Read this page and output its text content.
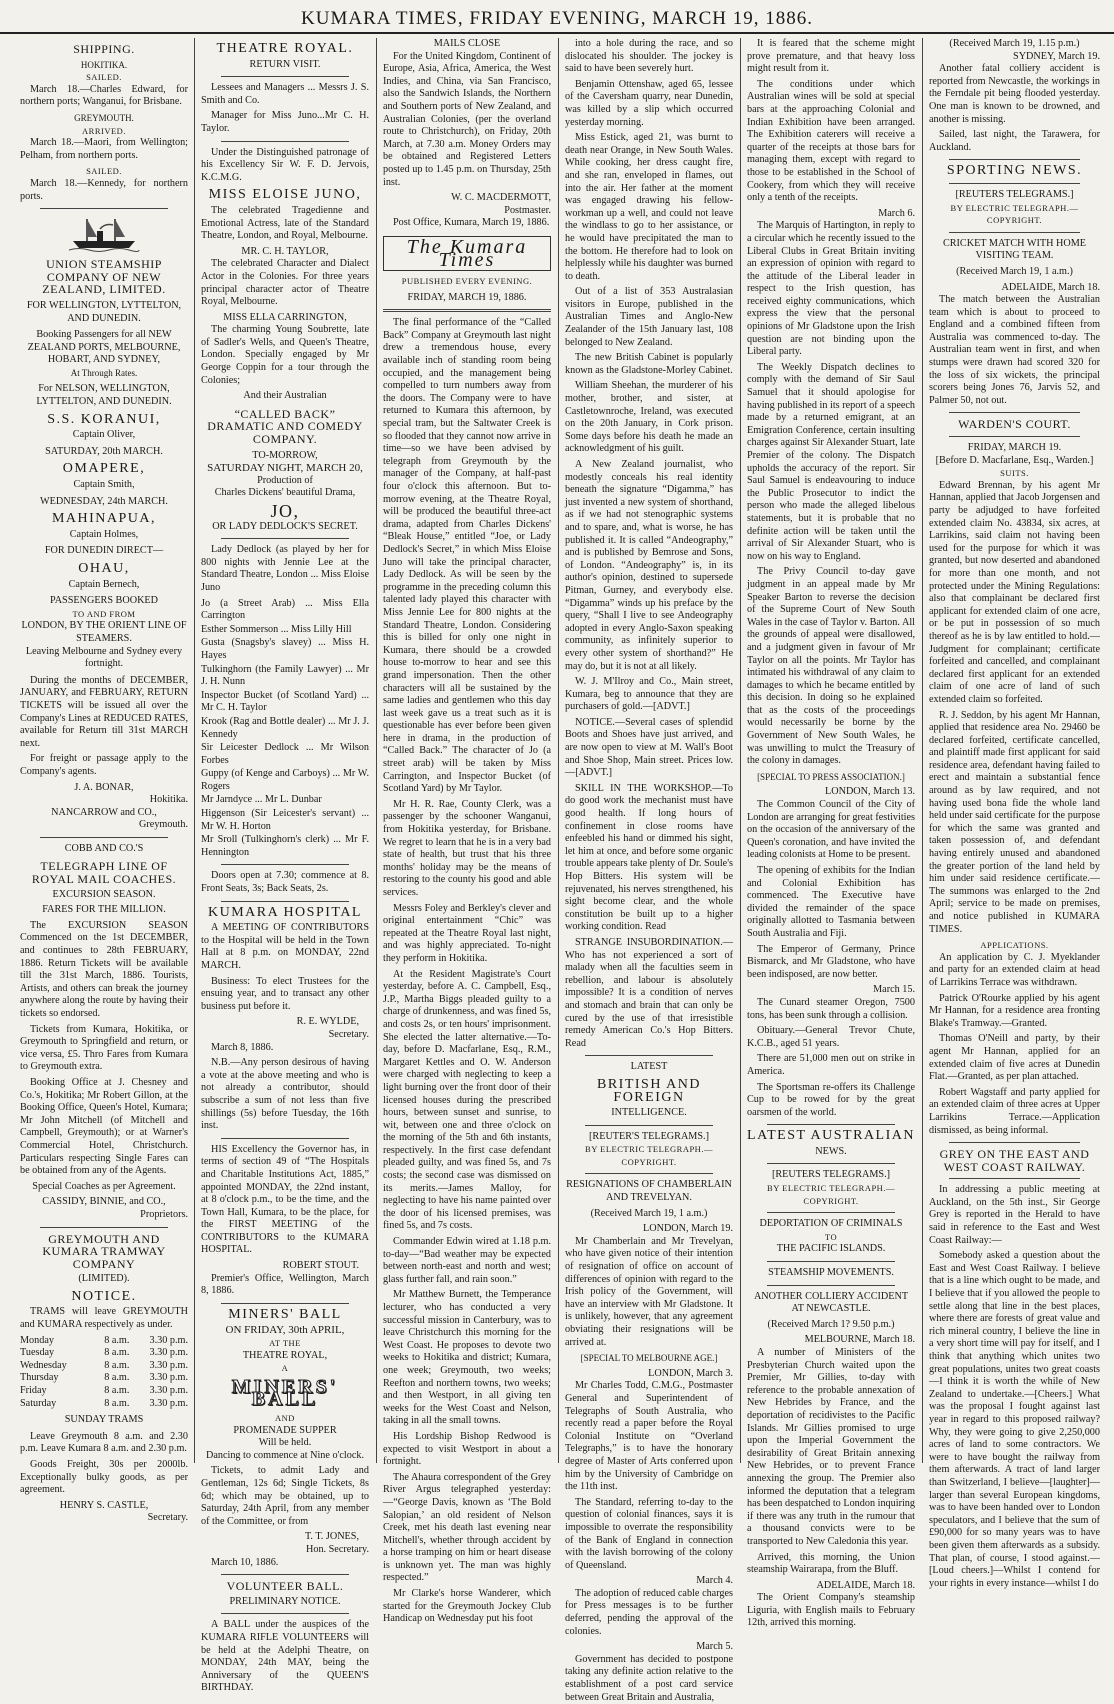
KUMARA TIMES, FRIDAY EVENING, MARCH 19, 1886.
SHIPPING.
HOKITIKA.
SAILED.

March 18.—Charles Edward, for northern ports; Wanganui, for Brisbane.

GREYMOUTH.
ARRIVED.

March 18.—Maori, from Wellington; Pelham, from northern ports.

SAILED.

March 18.—Kennedy, for northern ports.

UNION STEAMSHIP COMPANY OF NEW ZEALAND, LIMITED.
FOR WELLINGTON, LYTTELTON, AND DUNEDIN.
Booking Passengers for all NEW ZEALAND PORTS, MELBOURNE, HOBART, AND SYDNEY,
At Through Rates.
For NELSON, WELLINGTON, LYTTELTON, AND DUNEDIN.
S.S. KORANUI,
Captain Oliver,
SATURDAY, 20th MARCH.
OMAPERE,
Captain Smith,
WEDNESDAY, 24th MARCH.
MAHINAPUA,
Captain Holmes,
FOR DUNEDIN DIRECT—
OHAU,
Captain Bernech,
PASSENGERS BOOKED
TO AND FROM
LONDON, BY THE ORIENT LINE OF STEAMERS.
Leaving Melbourne and Sydney every fortnight.

During the months of DECEMBER, JANUARY, and FEBRUARY, RETURN TICKETS will be issued all over the Company's Lines at REDUCED RATES, available for Return till 31st MARCH next.

For freight or passage apply to the Company's agents.

J. A. BONAR,
Hokitika.
NANCARROW and CO.,
Greymouth.
COBB AND CO.'S
TELEGRAPH LINE OF ROYAL MAIL COACHES.
EXCURSION SEASON.
FARES FOR THE MILLION.

The EXCURSION SEASON Commenced on the 1st DECEMBER, and continues to 28th FEBRUARY, 1886. Return Tickets will be available till the 31st March, 1886. Tourists, Artists, and others can break the journey anywhere along the route by having their tickets so endorsed.

Tickets from Kumara, Hokitika, or Greymouth to Springfield and return, or vice versa, £5. Thro Fares from Kumara to Greymouth extra.

Booking Office at J. Chesney and Co.'s, Hokitika; Mr Robert Gillon, at the Booking Office, Queen's Hotel, Kumara; Mr John Mitchell (of Mitchell and Campbell, Greymouth); or at Warner's Commercial Hotel, Christchurch. Particulars respecting Single Fares can be obtained from any of the Agents.

Special Coaches as per Agreement.
CASSIDY, BINNIE, and CO.,
Proprietors.
GREYMOUTH AND KUMARA TRAMWAY COMPANY
(LIMITED).
NOTICE.

TRAMS will leave GREYMOUTH and KUMARA respectively as under.

Monday	8 a.m.	3.30 p.m.
Tuesday	8 a.m.	3.30 p.m.
Wednesday	8 a.m.	3.30 p.m.
Thursday	8 a.m.	3.30 p.m.
Friday	8 a.m.	3.30 p.m.
Saturday	8 a.m.	3.30 p.m.
SUNDAY TRAMS

Leave Greymouth 8 a.m. and 2.30 p.m. Leave Kumara 8 a.m. and 2.30 p.m.

Goods Freight, 30s per 2000lb. Exceptionally bulky goods, as per agreement.

HENRY S. CASTLE,
Secretary.
THEATRE ROYAL.
RETURN VISIT.

Lessees and Managers ... Messrs J. S. Smith and Co.

Manager for Miss Juno...Mr C. H. Taylor.

Under the Distinguished patronage of his Excellency Sir W. F. D. Jervois, K.C.M.G.

MISS ELOISE JUNO,

The celebrated Tragedienne and Emotional Actress, late of the Standard Theatre, London, and Royal, Melbourne.

MR. C. H. TAYLOR,

The celebrated Character and Dialect Actor in the Colonies. For three years principal character actor of Theatre Royal, Melbourne.

MISS ELLA CARRINGTON,

The charming Young Soubrette, late of Sadler's Wells, and Queen's Theatre, London. Specially engaged by Mr George Coppin for a tour through the Colonies;

And their Australian
“CALLED BACK” DRAMATIC AND COMEDY COMPANY.
TO-MORROW,
SATURDAY NIGHT, MARCH 20,
Production of
Charles Dickens' beautiful Drama,
JO,
OR LADY DEDLOCK'S SECRET.

Lady Dedlock (as played by her for 800 nights with Jennie Lee at the Standard Theatre, London ... Miss Eloise Juno

Jo (a Street Arab) ... Miss Ella Carrington
Esther Sommerson ... Miss Lilly Hill
Gusta (Snagsby's slavey) ... Miss H. Hayes
Tulkinghorn (the Family Lawyer) ... Mr J. H. Nunn
Inspector Bucket (of Scotland Yard) ... Mr C. H. Taylor
Krook (Rag and Bottle dealer) ... Mr J. J. Kennedy
Sir Leicester Dedlock ... Mr Wilson Forbes
Guppy (of Kenge and Carboys) ... Mr W. Rogers
Mr Jarndyce ... Mr L. Dunbar
Higgenson (Sir Leicester's servant) ... Mr W. H. Horton
Mr Sroll (Tulkinghorn's clerk) ... Mr F. Hennington

Doors open at 7.30; commence at 8. Front Seats, 3s; Back Seats, 2s.

KUMARA HOSPITAL

A MEETING OF CONTRIBUTORS to the Hospital will be held in the Town Hall at 8 p.m. on MONDAY, 22nd MARCH.

Business: To elect Trustees for the ensuing year, and to transact any other business put before it.

R. E. WYLDE,
Secretary.

March 8, 1886.

N.B.—Any person desirous of having a vote at the above meeting and who is not already a contributor, should subscribe a sum of not less than five shillings (5s) before Tuesday, the 16th inst.

HIS Excellency the Governor has, in terms of section 49 of “The Hospitals and Charitable Institutions Act, 1885,” appointed MONDAY, the 22nd instant, at 8 o'clock p.m., to be the time, and the Town Hall, Kumara, to be the place, for the FIRST MEETING of the CONTRIBUTORS to the KUMARA HOSPITAL.

ROBERT STOUT.

Premier's Office, Wellington, March 8, 1886.

MINERS' BALL
ON FRIDAY, 30th APRIL,
AT THE
THEATRE ROYAL,
A
MINERS' BALL
AND
PROMENADE SUPPER
Will be held.
Dancing to commence at Nine o'clock.

Tickets, to admit Lady and Gentleman, 12s 6d; Single Tickets, 8s 6d; which may be obtained, up to Saturday, 24th April, from any member of the Committee, or from

T. T. JONES,
Hon. Secretary.

March 10, 1886.

VOLUNTEER BALL.
PRELIMINARY NOTICE.

A BALL under the auspices of the KUMARA RIFLE VOLUNTEERS will be held at the Adelphi Theatre, on MONDAY, 24th MAY, being the Anniversary of the QUEEN'S BIRTHDAY.

MAILS CLOSE

For the United Kingdom, Continent of Europe, Asia, Africa, America, the West Indies, and China, via San Francisco, also the Sandwich Islands, the Northern and Southern ports of New Zealand, and Australian Colonies, (per the overland route to Christchurch), on Friday, 20th March, at 7.30 a.m. Money Orders may be obtained and Registered Letters posted up to 1.45 p.m. on Thursday, 25th inst.

W. C. MACDERMOTT,
Postmaster.

Post Office, Kumara, March 19, 1886.

The Kumara Times
PUBLISHED EVERY EVENING.
FRIDAY, MARCH 19, 1886.

The final performance of the “Called Back” Company at Greymouth last night drew a tremendous house, every available inch of standing room being occupied, and the management being compelled to turn numbers away from the doors. The Company were to have returned to Kumara this afternoon, by special tram, but the Saltwater Creek is so flooded that they cannot now arrive in time—so we have been advised by telegraph from Greymouth by the manager of the Company, at half-past four o'clock this afternoon. But to-morrow evening, at the Theatre Royal, will be produced the beautiful three-act drama, adapted from Charles Dickens' “Bleak House,” entitled “Joe, or Lady Dedlock's Secret,” in which Miss Eloise Juno will take the principal character, Lady Dedlock. As will be seen by the programme in the preceding column this talented lady played this character with Miss Jennie Lee for 800 nights at the Standard Theatre, London. Considering this is billed for only one night in Kumara, there should be a crowded house to-morrow to hear and see this grand impersonation. Then the other characters will all be sustained by the same ladies and gentlemen who this day last week gave us a treat such as it is questionable has ever before been given here in drama, in the production of “Called Back.” The character of Jo (a street arab) will be taken by Miss Carrington, and Inspector Bucket (of Scotland Yard) by Mr Taylor.

Mr H. R. Rae, County Clerk, was a passenger by the schooner Wanganui, from Hokitika yesterday, for Brisbane. We regret to learn that he is in a very bad state of health, but trust that his three months' holiday may be the means of restoring to the county his good and able services.

Messrs Foley and Berkley's clever and original entertainment “Chic” was repeated at the Theatre Royal last night, and was highly appreciated. To-night they perform in Hokitika.

At the Resident Magistrate's Court yesterday, before A. C. Campbell, Esq., J.P., Martha Biggs pleaded guilty to a charge of drunkenness, and was fined 5s, and costs 2s, or ten hours' imprisonment. She elected the latter alternative.—To-day, before D. Macfarlane, Esq., R.M., Margaret Kettles and O. W. Anderson were charged with neglecting to keep a light burning over the front door of their licensed houses during the prescribed hours, between sunset and sunrise, to wit, between one and three o'clock on the morning of the 5th and 6th instants, respectively. In the first case defendant pleaded guilty, and was fined 5s, and 7s costs; the second case was dismissed on its merits.—James Malloy, for neglecting to have his name painted over the door of his licensed premises, was fined 5s, and 7s costs.

Commander Edwin wired at 1.18 p.m. to-day—“Bad weather may be expected between north-east and north and west; glass further fall, and rain soon.”

Mr Matthew Burnett, the Temperance lecturer, who has conducted a very successful mission in Canterbury, was to leave Christchurch this morning for the West Coast. He proposes to devote two weeks to Hokitika and district; Kumara, one week; Greymouth, two weeks; Reefton and northern towns, two weeks; and then Westport, in all giving ten weeks for the West Coast and Nelson, taking in all the small towns.

His Lordship Bishop Redwood is expected to visit Westport in about a fortnight.

The Ahaura correspondent of the Grey River Argus telegraphed yesterday:—“George Davis, known as ‘The Bold Salopian,’ an old resident of Nelson Creek, met his death last evening near Mitchell's, whether through accident by a horse tramping on him or heart disease is unknown yet. The man was highly respected.”

Mr Clarke's horse Wanderer, which started for the Greymouth Jockey Club Handicap on Wednesday put his foot

into a hole during the race, and so dislocated his shoulder. The jockey is said to have been severely hurt.

Benjamin Ottenshaw, aged 65, lessee of the Caversham quarry, near Dunedin, was killed by a slip which occurred yesterday morning.

Miss Estick, aged 21, was burnt to death near Orange, in New South Wales. While cooking, her dress caught fire, and she ran, enveloped in flames, out into the air. Her father at the moment was engaged drawing his fellow-workman up a well, and could not leave the windlass to go to her assistance, or he would have precipitated the man to the bottom. He therefore had to look on helplessly while his daughter was burned to death.

Out of a list of 353 Australasian visitors in Europe, published in the Australian Times and Anglo-New Zealander of the 15th January last, 108 belonged to New Zealand.

The new British Cabinet is popularly known as the Gladstone-Morley Cabinet.

William Sheehan, the murderer of his mother, brother, and sister, at Castletownroche, Ireland, was executed on the 20th January, in Cork prison. Some days before his death he made an acknowledgment of his guilt.

A New Zealand journalist, who modestly conceals his real identity beneath the signature “Digamma,” has just invented a new system of shorthand, as if we had not stenographic systems and to spare, and, what is worse, he has published it. It is called “Andeography,” and is published by Bemrose and Sons, of London. “Andeography” is, in its author's opinion, destined to supersede Pitman, Gurney, and everybody else. “Digamma” winds up his preface by the query, “Shall I live to see Andeography adopted in every Anglo-Saxon speaking community, as infinitely superior to every other system of shorthand?” He may do, but it is not at all likely.

W. J. M'Ilroy and Co., Main street, Kumara, beg to announce that they are purchasers of gold.—[ADVT.]

NOTICE.—Several cases of splendid Boots and Shoes have just arrived, and are now open to view at M. Wall's Boot and Shoe Shop, Main street. Prices low.—[ADVT.]

SKILL IN THE WORKSHOP.—To do good work the mechanist must have good health. If long hours of confinement in close rooms have enfeebled his hand or dimmed his sight, let him at once, and before some organic trouble appears take plenty of Dr. Soule's Hop Bitters. His system will be rejuvenated, his nerves strengthened, his sight become clear, and the whole constitution be built up to a higher working condition. Read

STRANGE INSUBORDINATION.—Who has not experienced a sort of malady when all the faculties seem in rebellion, and labour is absolutely impossible? It is a condition of nerves and stomach and brain that can only be cured by the use of that irresistible remedy American Co.'s Hop Bitters. Read

LATEST
BRITISH AND FOREIGN
INTELLIGENCE.
[REUTER'S TELEGRAMS.]
BY ELECTRIC TELEGRAPH.—COPYRIGHT.
RESIGNATIONS OF CHAMBERLAIN AND TREVELYAN.
(Received March 19, 1 a.m.)
LONDON, March 19.

Mr Chamberlain and Mr Trevelyan, who have given notice of their intention of resignation of office on account of differences of opinion with regard to the Irish policy of the Government, will have an interview with Mr Gladstone. It is unlikely, however, that any agreement obviating their resignations will be arrived at.

[SPECIAL TO MELBOURNE AGE.]
LONDON, March 3.

Mr Charles Todd, C.M.G., Postmaster General and Superintendent of Telegraphs of South Australia, who recently read a paper before the Royal Colonial Institute on “Overland Telegraphs,” is to have the honorary degree of Master of Arts conferred upon him by the University of Cambridge on the 11th inst.

The Standard, referring to-day to the question of colonial finances, says it is impossible to overrate the responsibility of the Bank of England in connection with the lavish borrowing of the colony of Queensland.

March 4.

The adoption of reduced cable charges for Press messages is to be further deferred, pending the approval of the colonies.

March 5.

Government has decided to postpone taking any definite action relative to the establishment of a post card service between Great Britain and Australia,

It is feared that the scheme might prove premature, and that heavy loss might result from it.

The conditions under which Australian wines will be sold at special bars at the approaching Colonial and Indian Exhibition have been arranged. The Exhibition caterers will receive a quarter of the receipts at those bars for managing them, except with regard to those to be established in the School of Cookery, from which they will receive only a tenth of the receipts.

March 6.

The Marquis of Hartington, in reply to a circular which he recently issued to the Liberal Clubs in Great Britain inviting an expression of opinion with regard to the attitude of the Liberal leader in respect to the Irish question, has received eighty communications, which express the view that the personal opinions of Mr Gladstone upon the Irish question are not binding upon the Liberal party.

The Weekly Dispatch declines to comply with the demand of Sir Saul Samuel that it should apologise for having published in its report of a speech made by a returned emigrant, at an Emigration Conference, certain insulting charges against Sir Alexander Stuart, late Premier of the colony. The Dispatch upholds the accuracy of the report. Sir Saul Samuel is endeavouring to induce the Public Prosecutor to indict the person who made the alleged libelous statements, but it is probable that no definite action will be taken until the arrival of Sir Alexander Stuart, who is now on his way to England.

The Privy Council to-day gave judgment in an appeal made by Mr Speaker Barton to reverse the decision of the Supreme Court of New South Wales in the case of Taylor v. Barton. All the grounds of appeal were disallowed, and a judgment given in favour of Mr Taylor on all the points. Mr Taylor has intimated his withdrawal of any claim to damages to which he became entitled by this decision. In doing so he explained that as the costs of the proceedings would necessarily be borne by the Government of New South Wales, he was unwilling to mulct the Treasury of the colony in damages.

[SPECIAL TO PRESS ASSOCIATION.]
LONDON, March 13.

The Common Council of the City of London are arranging for great festivities on the occasion of the anniversary of the Queen's coronation, and have invited the leading colonists at Home to be present.

The opening of exhibits for the Indian and Colonial Exhibition has commenced. The Executive have divided the remainder of the space originally allotted to Tasmania between South Australia and Fiji.

The Emperor of Germany, Prince Bismarck, and Mr Gladstone, who have been indisposed, are now better.

March 15.

The Cunard steamer Oregon, 7500 tons, has been sunk through a collision.

Obituary.—General Trevor Chute, K.C.B., aged 51 years.

There are 51,000 men out on strike in America.

The Sportsman re-offers its Challenge Cup to be rowed for by the great oarsmen of the world.

LATEST AUSTRALIAN
NEWS.
[REUTERS TELEGRAMS.]
BY ELECTRIC TELEGRAPH.—COPYRIGHT.
DEPORTATION OF CRIMINALS
TO
THE PACIFIC ISLANDS.
STEAMSHIP MOVEMENTS.
ANOTHER COLLIERY ACCIDENT AT NEWCASTLE.
(Received March 1? 9.50 p.m.)
MELBOURNE, March 18.

A number of Ministers of the Presbyterian Church waited upon the Premier, Mr Gillies, to-day with reference to the probable annexation of New Hebrides by France, and the deportation of recidivistes to the Pacific Islands. Mr Gillies promised to urge upon the Imperial Government the desirability of Great Britain annexing New Hebrides, or to prevent France annexing the group. The Premier also informed the deputation that a telegram has been despatched to London inquiring if there was any truth in the rumour that a thousand convicts were to be transported to New Caledonia this year.

Arrived, this morning, the Union steamship Wairarapa, from the Bluff.

ADELAIDE, March 18.

The Orient Company's steamship Liguria, with English mails to February 12th, arrived this morning.

(Received March 19, 1.15 p.m.)
SYDNEY, March 19.

Another fatal colliery accident is reported from Newcastle, the workings in the Ferndale pit being flooded yesterday. One man is known to be drowned, and another is missing.

Sailed, last night, the Tarawera, for Auckland.

SPORTING NEWS.
[REUTERS TELEGRAMS.]
BY ELECTRIC TELEGRAPH.—COPYRIGHT.
CRICKET MATCH WITH HOME VISITING TEAM.
(Received March 19, 1 a.m.)
ADELAIDE, March 18.

The match between the Australian team which is about to proceed to England and a combined fifteen from Australia was commenced to-day. The Australian team went in first, and when stumps were drawn had scored 320 for the loss of six wickets, the principal scorers being Jones 76, Jarvis 52, and Palmer 50, not out.

WARDEN'S COURT.
FRIDAY, MARCH 19.
[Before D. Macfarlane, Esq., Warden.]
SUITS.

Edward Brennan, by his agent Mr Hannan, applied that Jacob Jorgensen and party be adjudged to have forfeited extended claim No. 43834, six acres, at Larrikins, said claim not having been used for the purpose for which it was granted, but now deserted and abandoned for more than one month, and not protected under the Mining Regulations: also that complainant be declared first applicant for extended claim of one acre, or be put in possession of so much thereof as he is by law entitled to hold.—Judgment for complainant; certificate forfeited and cancelled, and complainant declared first applicant for an extended claim of one acre of land of such extended claim so forfeited.

R. J. Seddon, by his agent Mr Hannan, applied that residence area No. 29460 be declared forfeited, certificate cancelled, and plaintiff made first applicant for said residence area, defendant having failed to erect and maintain a substantial fence around as by law required, and not having used bona fide the whole land held under said certificate for the purpose for which the same was granted and taken possession of, and defendant having entirely unused and abandoned the greater portion of the land held by him under said residence certificate.—The summons was enlarged to the 2nd April; service to be made on premises, and notice published in KUMARA TIMES.

APPLICATIONS.

An application by C. J. Myeklander and party for an extended claim at head of Larrikins Terrace was withdrawn.

Patrick O'Rourke applied by his agent Mr Hannan, for a residence area fronting Blake's Tramway.—Granted.

Thomas O'Neill and party, by their agent Mr Hannan, applied for an extended claim of five acres at Dunedin Flat.—Granted, as per plan attached.

Robert Wagstaff and party applied for an extended claim of three acres at Upper Larrikins Terrace.—Application dismissed, as being informal.

GREY ON THE EAST AND WEST COAST RAILWAY.

In addressing a public meeting at Auckland, on the 5th inst., Sir George Grey is reported in the Herald to have said in reference to the East and West Coast Railway:—

Somebody asked a question about the East and West Coast Railway. I believe that is a line which ought to be made, and I believe that if you allowed the people to settle along that line in the best places, where there are forests of great value and rich mineral country, I believe the line in a very short time will pay for itself, and I think that anything which unites two great populations, unites two great coasts—I think it is worth the while of New Zealand to undertake.—[Cheers.] What was the proposal I fought against last year in regard to this proposed railway? Why, they were going to give 2,250,000 acres of land to some contractors. We were to have bought the railway from them afterwards. A tract of land larger than Switzerland, I believe—[laughter]—larger than several European kingdoms, was to have been handed over to London speculators, and I believe that the sum of £90,000 for so many years was to have been given them afterwards as a subsidy. That plan, of course, I stood against.—[Loud cheers.]—Whilst I contend for your rights in every instance—whilst I do
